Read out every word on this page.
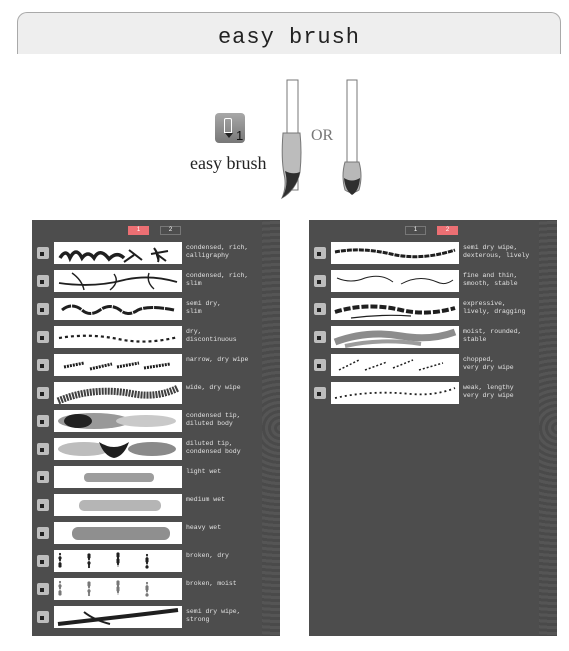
easy brush
1
easy brush
OR
1	2
condensed, rich,
calligraphy
condensed, rich,
slim
semi dry,
slim
dry,
discontinuous
narrow, dry wipe
wide, dry wipe
condensed tip,
diluted body
diluted tip,
condensed body
light wet
medium wet
heavy wet
broken, dry
broken, moist
semi dry wipe,
strong
1	2
semi dry wipe,
dexterous, lively
fine and thin,
smooth, stable
expressive,
lively, dragging
moist, rounded,
stable
chopped,
very dry wipe
weak, lengthy
very dry wipe
